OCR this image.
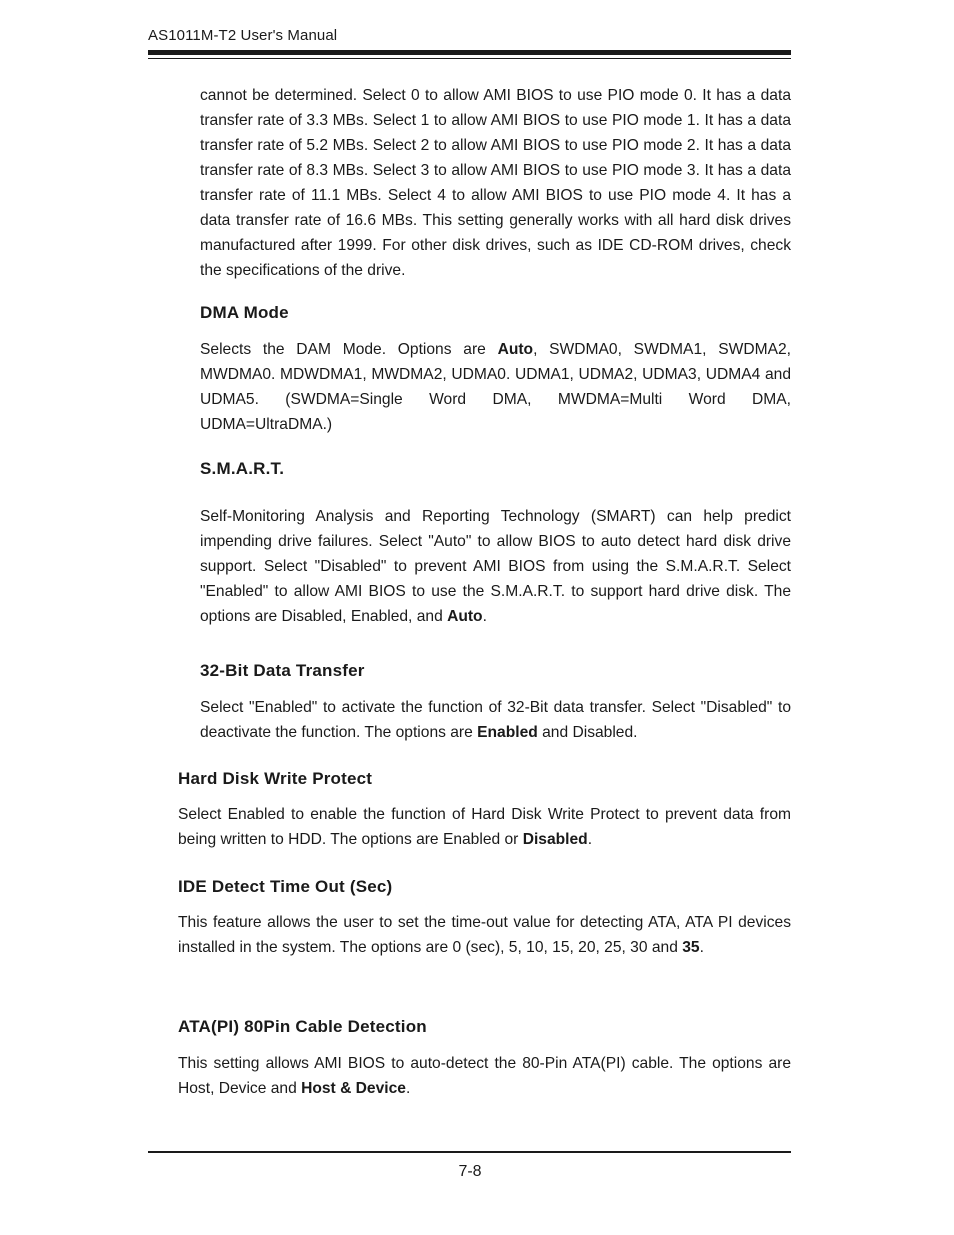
AS1011M-T2 User's Manual

cannot be determined. Select 0 to allow AMI BIOS to use PIO mode 0. It has a data transfer rate of 3.3 MBs. Select 1 to allow AMI BIOS to use PIO mode 1. It has a data transfer rate of 5.2 MBs. Select 2 to allow AMI BIOS to use PIO mode 2. It has a data transfer rate of 8.3 MBs. Select 3 to allow AMI BIOS to use PIO mode 3. It has a data transfer rate of 11.1 MBs. Select 4 to allow AMI BIOS to use PIO mode 4. It has a data transfer rate of 16.6 MBs. This setting generally works with all hard disk drives manufactured after 1999. For other disk drives, such as IDE CD-ROM drives, check the specifications of the drive.

DMA Mode

Selects the DAM Mode. Options are Auto, SWDMA0, SWDMA1, SWDMA2, MWDMA0. MDWDMA1, MWDMA2, UDMA0. UDMA1, UDMA2, UDMA3, UDMA4 and UDMA5. (SWDMA=Single Word DMA, MWDMA=Multi Word DMA, UDMA=UltraDMA.)

S.M.A.R.T.

Self-Monitoring Analysis and Reporting Technology (SMART) can help predict impending drive failures. Select "Auto" to allow BIOS to auto detect hard disk drive support. Select "Disabled" to prevent AMI BIOS from using the S.M.A.R.T. Select "Enabled" to allow AMI BIOS to use the S.M.A.R.T. to support hard drive disk. The options are Disabled, Enabled, and Auto.

32-Bit Data Transfer

Select "Enabled" to activate the function of 32-Bit data transfer. Select "Disabled" to deactivate the function. The options are Enabled and Disabled.

Hard Disk Write Protect

Select Enabled to enable the function of Hard Disk Write Protect to prevent data from being written to HDD. The options are Enabled or Disabled.

IDE Detect Time Out (Sec)

This feature allows the user to set the time-out value for detecting ATA, ATA PI devices installed in the system. The options are 0 (sec), 5, 10, 15, 20, 25, 30 and 35.

ATA(PI) 80Pin Cable Detection

This setting allows AMI BIOS to auto-detect the 80-Pin ATA(PI) cable. The options are Host, Device and Host & Device.

7-8
